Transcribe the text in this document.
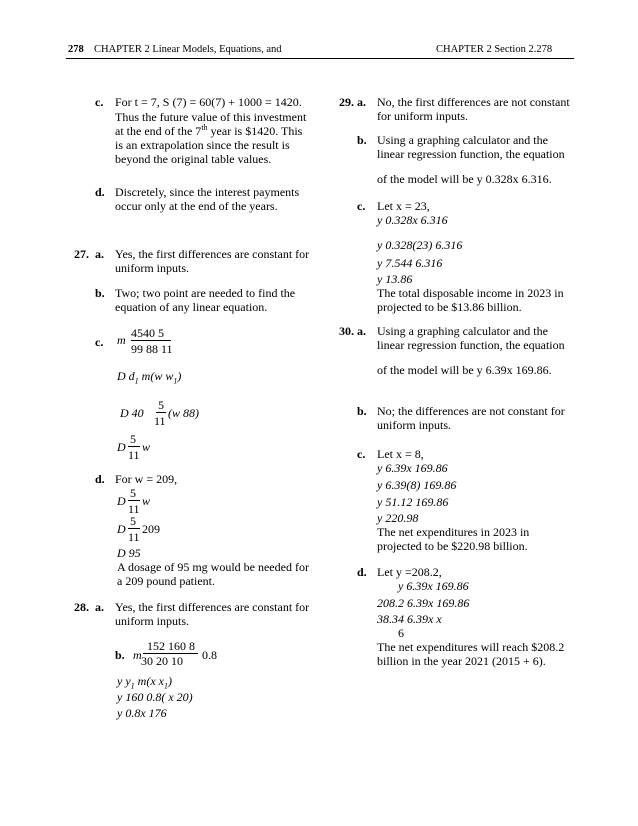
278 CHAPTER 2 Linear Models, Equations, and	CHAPTER 2 Section 2.278
c. For t = 7, S (7) = 60(7) + 1000 = 1420.
Thus the future value of this investment
at the end of the 7th year is $1420. This
is an extrapolation since the result is
beyond the original table values.
d. Discretely, since the interest payments
occur only at the end of the years.
27. a. Yes, the first differences are constant for
uniform inputs.
b. Two; two point are needed to find the
equation of any linear equation.
c. m 4540 5
99 88 11
D $d_1$ m(w $w_1$)
5
D 40
11
(w 88)
5
D
11
w
d. For w = 209,
5
D
11
w
5
D
11
209
D 95
A dosage of 95 mg would be needed for
a 209 pound patient.
28. a. Yes, the first differences are constant for
uniform inputs.
b. m
152 160 8
30 20 10 0.8
y $y_1$ m(x $x_1$)
y 160 0.8( x 20)
y 0.8x 176
29. a. No, the first differences are not constant
for uniform inputs.
b. Using a graphing calculator and the
linear regression function, the equation
of the model will be y 0.328x 6.316.
c. Let x = 23,
y 0.328x 6.316
y 0.328(23) 6.316
y 7.544 6.316
y 13.86
The total disposable income in 2023 in
projected to be $13.86 billion.
30. a. Using a graphing calculator and the
linear regression function, the equation
of the model will be y 6.39x 169.86.
b. No; the differences are not constant for
uniform inputs.
c. Let x = 8,
y 6.39x 169.86
y 6.39(8) 169.86
y 51.12 169.86
y 220.98
The net expenditures in 2023 in
projected to be $220.98 billion.
d. Let y =208.2,
y 6.39x 169.86
208.2 6.39x 169.86
38.34 6.39x x
6
The net expenditures will reach $208.2
billion in the year 2021 (2015 + 6).
